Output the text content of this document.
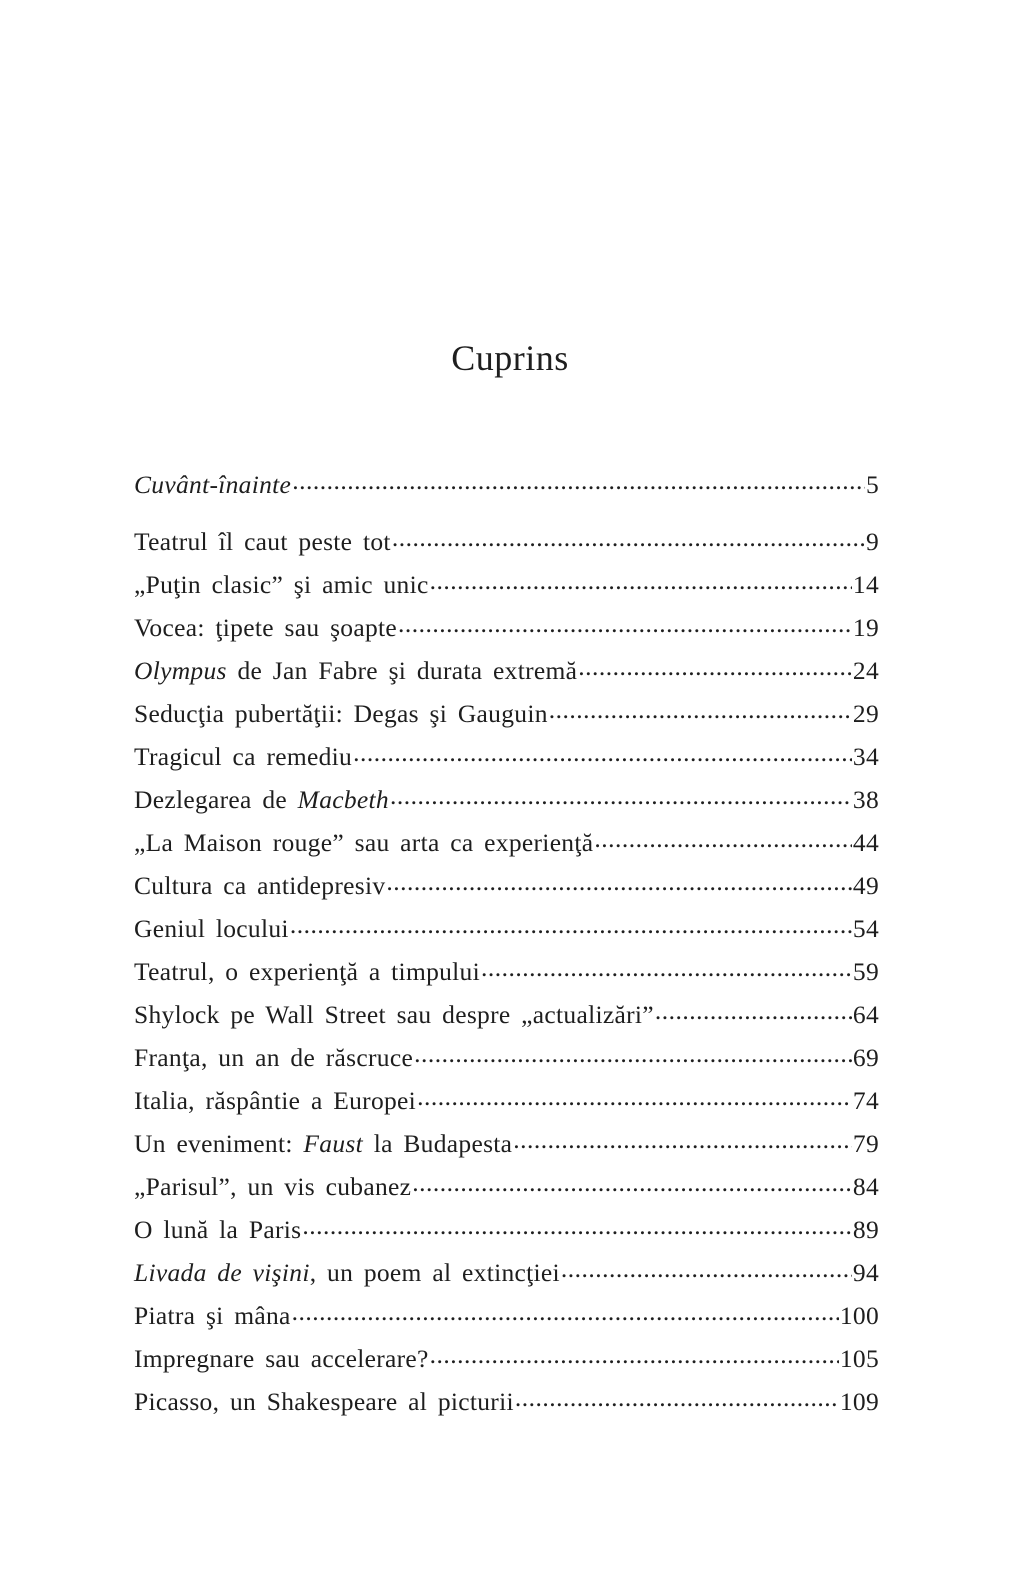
Cuprins
Cuvânt-înainte .....	5
Teatrul îl caut peste tot .....	9
„Puţin clasic” şi amic unic .....	14
Vocea: ţipete sau şoapte .....	19
Olympus de Jan Fabre şi durata extremă .....	24
Seducţia pubertăţii: Degas şi Gauguin .....	29
Tragicul ca remediu .....	34
Dezlegarea de Macbeth .....	38
„La Maison rouge” sau arta ca experienţă .....	44
Cultura ca antidepresiv .....	49
Geniul locului .....	54
Teatrul, o experienţă a timpului .....	59
Shylock pe Wall Street sau despre „actualizări” .....	64
Franţa, un an de răscruce .....	69
Italia, răspântie a Europei .....	74
Un eveniment: Faust la Budapesta .....	79
„Parisul”, un vis cubanez .....	84
O lună la Paris .....	89
Livada de vişini, un poem al extincţiei .....	94
Piatra şi mâna .....	100
Impregnare sau accelerare? .....	105
Picasso, un Shakespeare al picturii .....	109
